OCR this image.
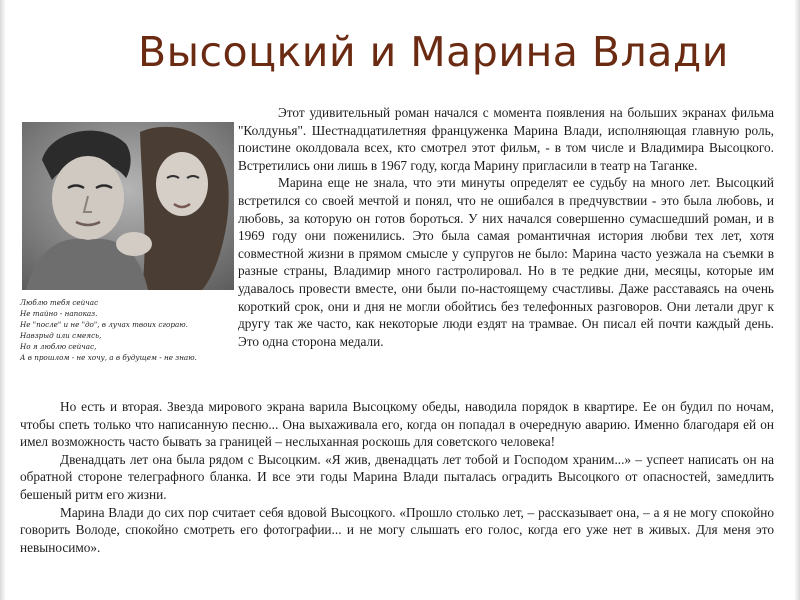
Высоцкий и Марина Влади
Люблю тебя сейчас
Не тайно - напоказ.
Не "после" и не "до", в лучах твоих сгораю.
Навзрыд или смеясь,
Но я люблю сейчас,
А в прошлом - не хочу, а в будущем - не знаю.

Этот удивительный роман начался с момента появления на больших экранах фильма "Колдунья". Шестнадцатилетняя француженка Марина Влади, исполняющая главную роль, поистине околдовала всех, кто смотрел этот фильм, - в том числе и Владимира Высоцкого. Встретились они лишь в 1967 году, когда Марину пригласили в театр на Таганке.

Марина еще не знала, что эти минуты определят ее судьбу на много лет. Высоцкий встретился со своей мечтой и понял, что не ошибался в предчувствии - это была любовь, и любовь, за которую он готов бороться. У них начался совершенно сумасшедший роман, и в 1969 году они поженились. Это была самая романтичная история любви тех лет, хотя совместной жизни в прямом смысле у супругов не было: Марина часто уезжала на съемки в разные страны, Владимир много гастролировал. Но в те редкие дни, месяцы, которые им удавалось провести вместе, они были по-настоящему счастливы. Даже расставаясь на очень короткий срок, они и дня не могли обойтись без телефонных разговоров. Они летали друг к другу так же часто, как некоторые люди ездят на трамвае. Он писал ей почти каждый день. Это одна сторона медали.

Но есть и вторая. Звезда мирового экрана варила Высоцкому обеды, наводила порядок в квартире. Ее он будил по ночам, чтобы спеть только что написанную песню... Она выхаживала его, когда он попадал в очередную аварию. Именно благодаря ей он имел возможность часто бывать за границей – неслыханная роскошь для советского человека!

Двенадцать лет она была рядом с Высоцким. «Я жив, двенадцать лет тобой и Господом храним...» – успеет написать он на обратной стороне телеграфного бланка. И все эти годы Марина Влади пыталась оградить Высоцкого от опасностей, замедлить бешеный ритм его жизни.

Марина Влади до сих пор считает себя вдовой Высоцкого. «Прошло столько лет, – рассказывает она, – а я не могу спокойно говорить Володе, спокойно смотреть его фотографии... и не могу слышать его голос, когда его уже нет в живых. Для меня это невыносимо».
